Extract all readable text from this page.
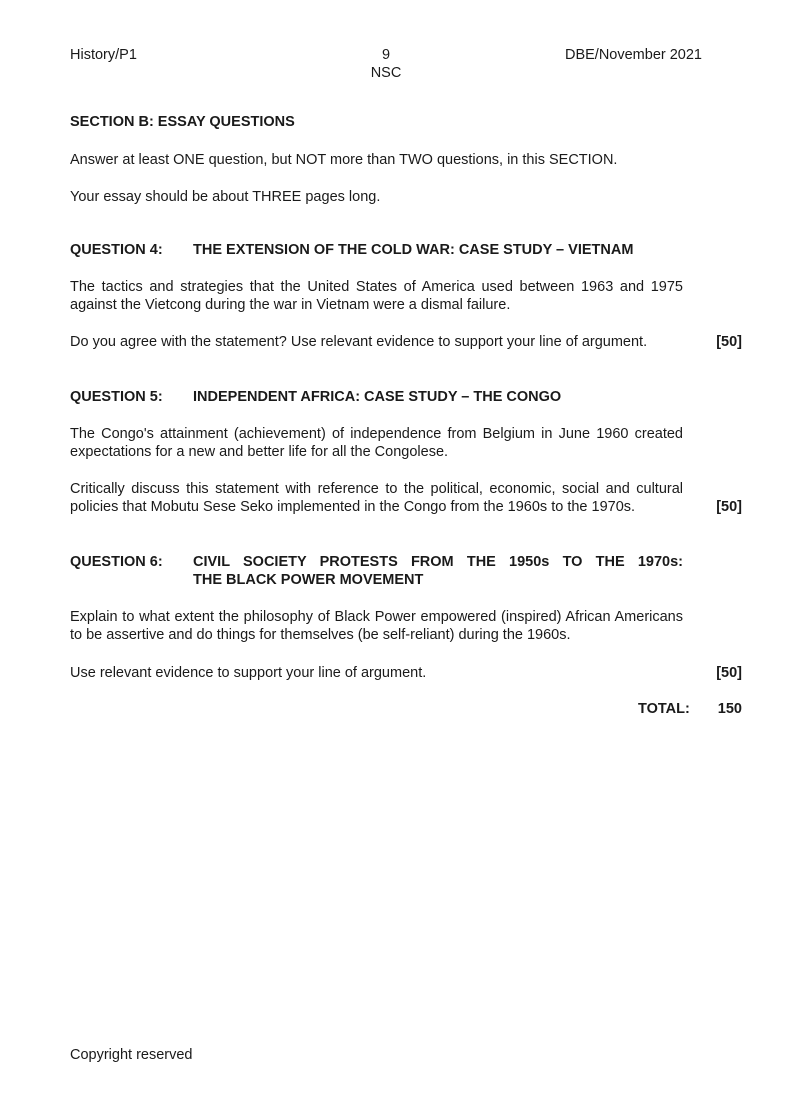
History/P1	9
NSC
DBE/November 2021
SECTION B: ESSAY QUESTIONS
Answer at least ONE question, but NOT more than TWO questions, in this SECTION.
Your essay should be about THREE pages long.
QUESTION 4:	THE EXTENSION OF THE COLD WAR: CASE STUDY – VIETNAM
The tactics and strategies that the United States of America used between 1963 and 1975 against the Vietcong during the war in Vietnam were a dismal failure.
Do you agree with the statement? Use relevant evidence to support your line of argument.	[50]
QUESTION 5:	INDEPENDENT AFRICA: CASE STUDY – THE CONGO
The Congo's attainment (achievement) of independence from Belgium in June 1960 created expectations for a new and better life for all the Congolese.
Critically discuss this statement with reference to the political, economic, social and cultural policies that Mobutu Sese Seko implemented in the Congo from the 1960s to the 1970s.	[50]
QUESTION 6:	CIVIL SOCIETY PROTESTS FROM THE 1950s TO THE 1970s:
THE BLACK POWER MOVEMENT
Explain to what extent the philosophy of Black Power empowered (inspired) African Americans to be assertive and do things for themselves (be self-reliant) during the 1960s.
Use relevant evidence to support your line of argument.	[50]
TOTAL: 150
Copyright reserved
